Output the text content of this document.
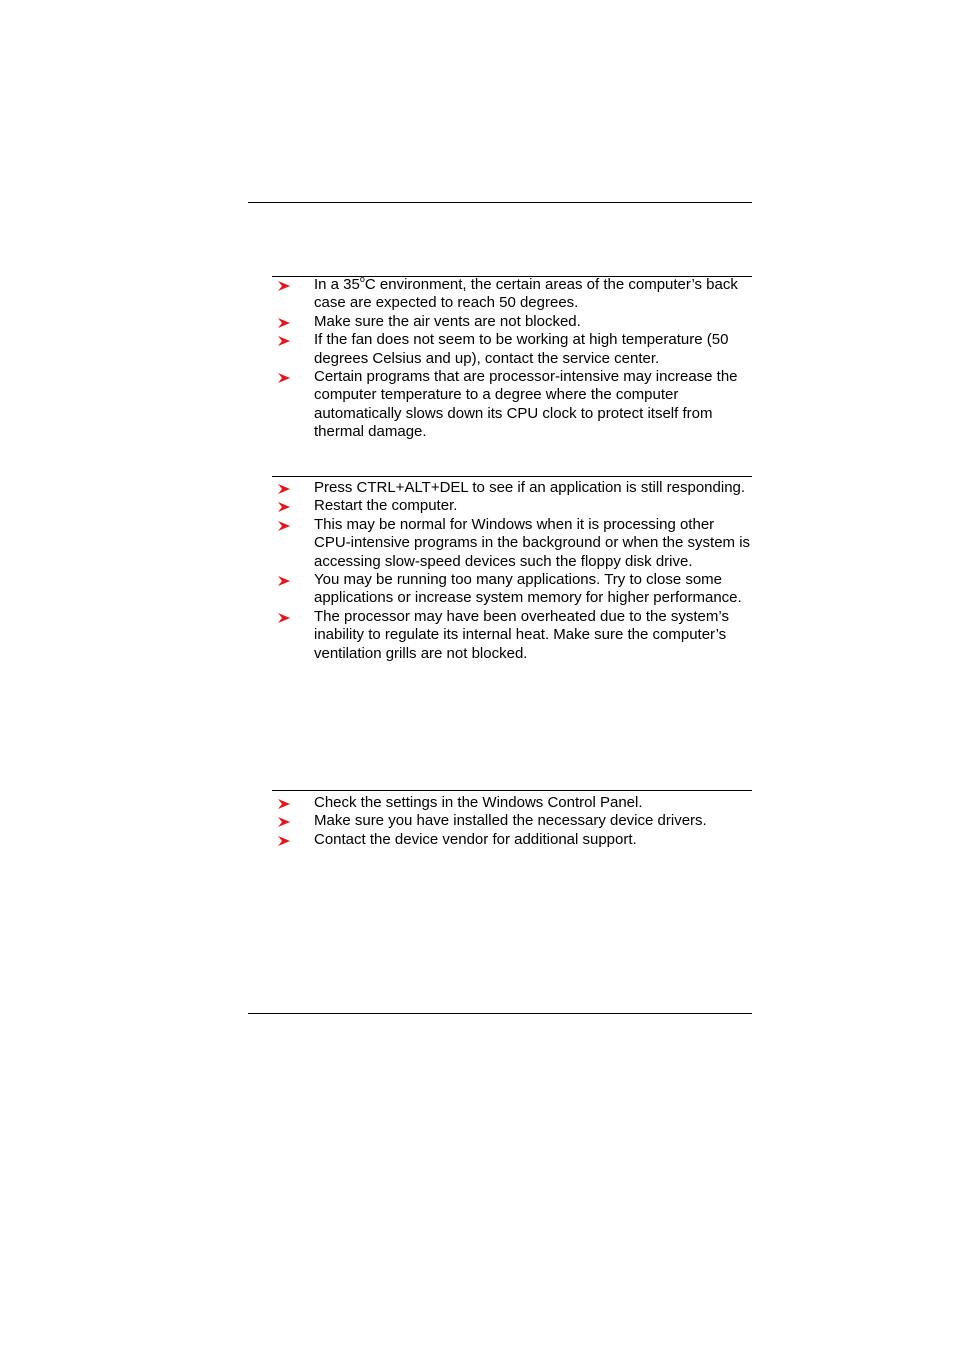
In a 35$^o$C environment, the certain areas of the computer’s back case are expected to reach 50 degrees.
Make sure the air vents are not blocked.
If the fan does not seem to be working at high temperature (50 degrees Celsius and up), contact the service center.
Certain programs that are processor-intensive may increase the computer temperature to a degree where the computer automatically slows down its CPU clock to protect itself from thermal damage.
Press CTRL+ALT+DEL to see if an application is still responding.
Restart the computer.
This may be normal for Windows when it is processing other CPU-intensive programs in the background or when the system is accessing slow-speed devices such the floppy disk drive.
You may be running too many applications. Try to close some applications or increase system memory for higher performance.
The processor may have been overheated due to the system’s inability to regulate its internal heat. Make sure the computer’s ventilation grills are not blocked.
Check the settings in the Windows Control Panel.
Make sure you have installed the necessary device drivers.
Contact the device vendor for additional support.
